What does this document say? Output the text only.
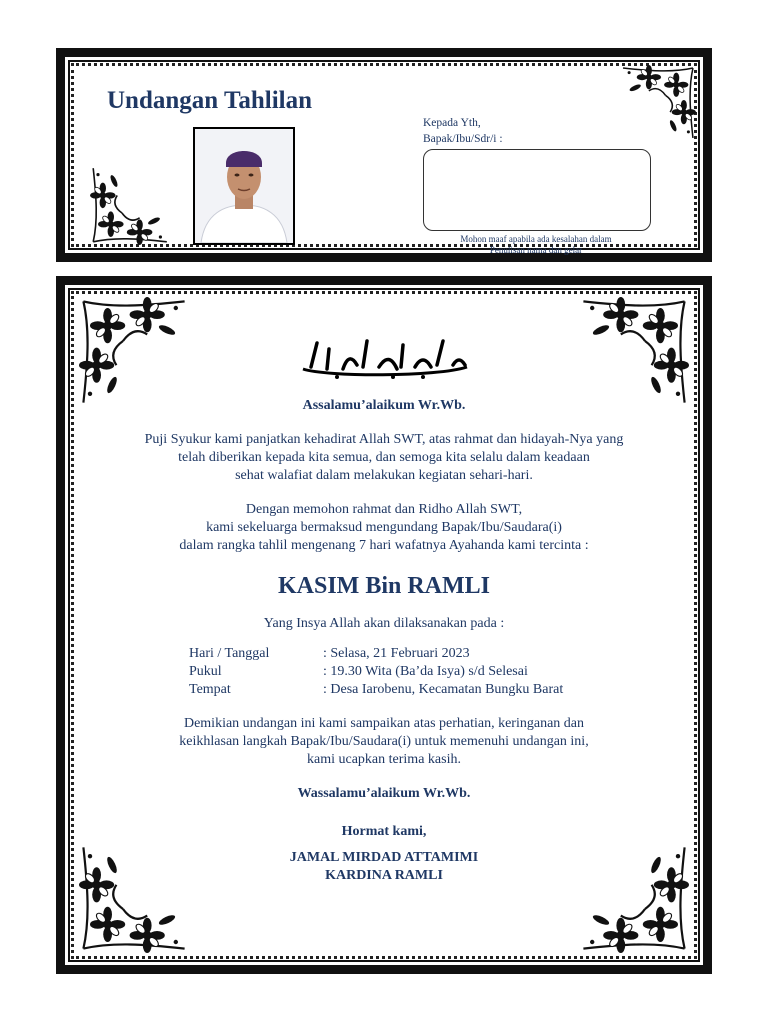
Undangan Tahlilan
Kepada Yth,
Bapak/Ibu/Sdr/i :
Mohon maaf apabila ada kesalahan dalam
Penulisan nama dan gelar
Assalamu’alaikum Wr.Wb.
Puji Syukur kami panjatkan kehadirat Allah SWT, atas rahmat dan hidayah-Nya yang
telah diberikan kepada kita semua, dan semoga kita selalu dalam keadaan
sehat walafiat dalam melakukan kegiatan sehari-hari.
Dengan memohon rahmat dan Ridho Allah SWT,
kami sekeluarga bermaksud mengundang Bapak/Ibu/Saudara(i)
dalam rangka tahlil mengenang 7 hari wafatnya Ayahanda kami tercinta :
KASIM Bin RAMLI
Yang Insya Allah akan dilaksanakan pada :
Hari / Tanggal	: Selasa, 21 Februari 2023
Pukul	: 19.30 Wita (Ba’da Isya) s/d Selesai
Tempat	: Desa Iarobenu, Kecamatan Bungku Barat
Demikian undangan ini kami sampaikan atas perhatian, keringanan dan
keikhlasan langkah Bapak/Ibu/Saudara(i) untuk memenuhi undangan ini,
kami ucapkan terima kasih.
Wassalamu’alaikum Wr.Wb.
Hormat kami,
JAMAL MIRDAD ATTAMIMI
KARDINA RAMLI
